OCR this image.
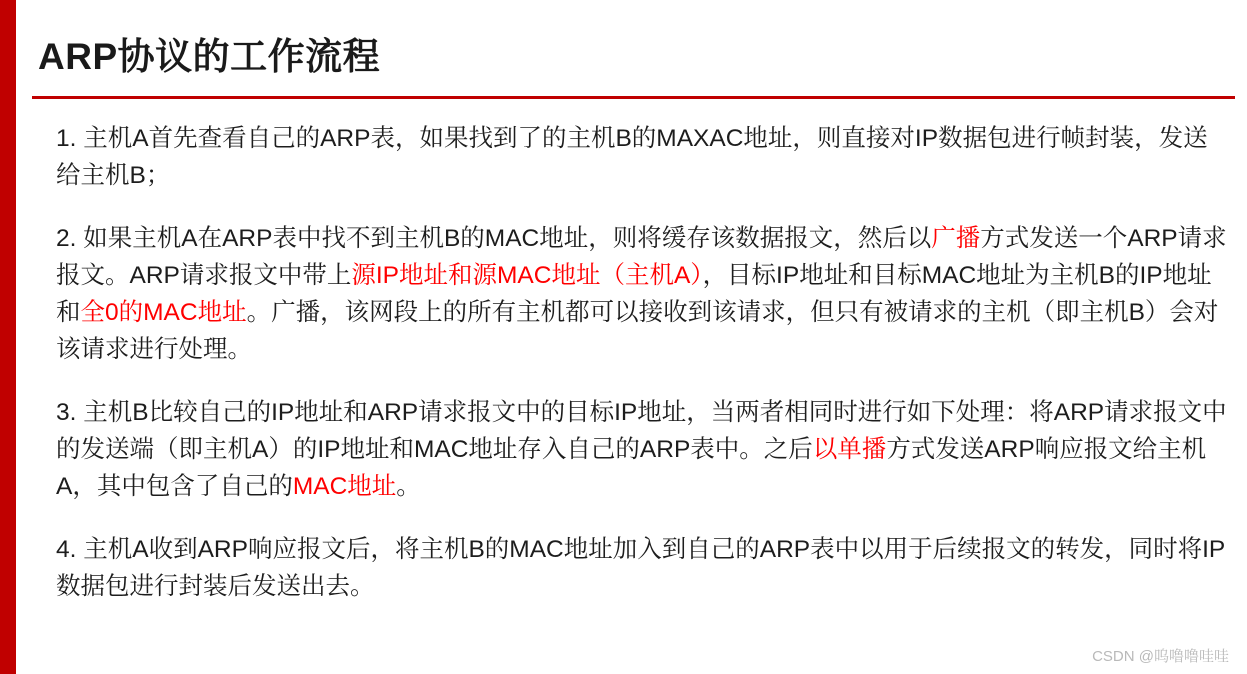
ARP协议的工作流程

1. 主机A首先查看自己的ARP表，如果找到了的主机B的MAXAC地址，则直接对IP数据包进行帧封装，发送给主机B；

2. 如果主机A在ARP表中找不到主机B的MAC地址，则将缓存该数据报文，然后以广播方式发送一个ARP请求报文。ARP请求报文中带上源IP地址和源MAC地址（主机A），目标IP地址和目标MAC地址为主机B的IP地址和全0的MAC地址。广播，该网段上的所有主机都可以接收到该请求，但只有被请求的主机（即主机B）会对该请求进行处理。

3. 主机B比较自己的IP地址和ARP请求报文中的目标IP地址，当两者相同时进行如下处理：将ARP请求报文中的发送端（即主机A）的IP地址和MAC地址存入自己的ARP表中。之后以单播方式发送ARP响应报文给主机A，其中包含了自己的MAC地址。

4. 主机A收到ARP响应报文后，将主机B的MAC地址加入到自己的ARP表中以用于后续报文的转发，同时将IP数据包进行封装后发送出去。

CSDN @呜噜噜哇哇
